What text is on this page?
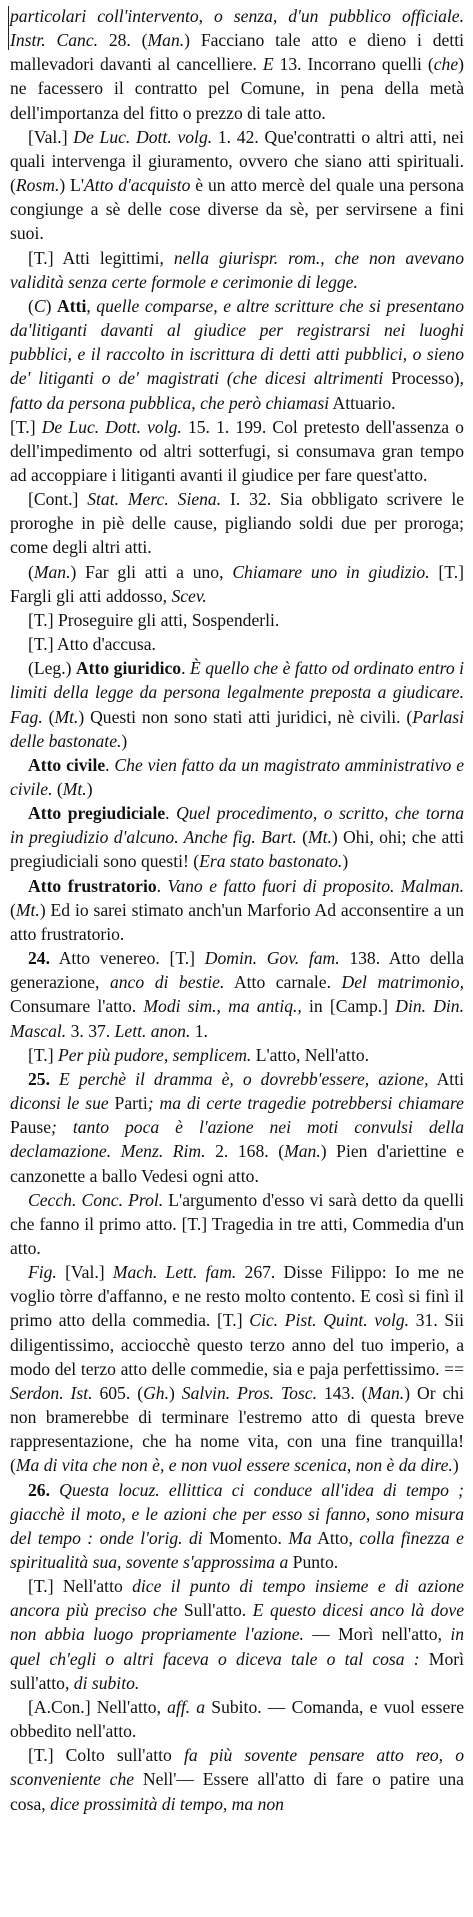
particolari coll'intervento, o senza, d'un pubblico officiale. Instr. Canc. 28. (Man.) Facciano tale atto e dieno i detti mallevadori davanti al cancelliere. E 13. Incorrano quelli (che) ne facessero il contratto pel Comune, in pena della metà dell'importanza del fitto o prezzo di tale atto.

[Val.] De Luc. Dott. volg. 1. 42. Que'contratti o altri atti, nei quali intervenga il giuramento, ovvero che siano atti spirituali. (Rosm.) L'Atto d'acquisto è un atto mercè del quale una persona congiunge a sè delle cose diverse da sè, per servirsene a fini suoi.

[T.] Atti legittimi, nella giurispr. rom., che non avevano validità senza certe formole e cerimonie di legge.

(C) Atti, quelle comparse, e altre scritture che si presentano da'litiganti davanti al giudice per registrarsi nei luoghi pubblici, e il raccolto in iscrittura di detti atti pubblici, o sieno de' litiganti o de' magistrati (che dicesi altrimenti Processo), fatto da persona pubblica, che però chiamasi Attuario.

[T.] De Luc. Dott. volg. 15. 1. 199. Col pretesto dell'assenza o dell'impedimento od altri sotterfugi, si consumava gran tempo ad accoppiare i litiganti avanti il giudice per fare quest'atto.

[Cont.] Stat. Merc. Siena. I. 32. Sia obbligato scrivere le proroghe in piè delle cause, pigliando soldi due per proroga; come degli altri atti.

(Man.) Far gli atti a uno, Chiamare uno in giudizio. [T.] Fargli gli atti addosso, Scev.

[T.] Proseguire gli atti, Sospenderli.

[T.] Atto d'accusa.

(Leg.) Atto giuridico. È quello che è fatto od ordinato entro i limiti della legge da persona legalmente preposta a giudicare. Fag. (Mt.) Questi non sono stati atti juridici, nè civili. (Parlasi delle bastonate.)

Atto civile. Che vien fatto da un magistrato amministrativo e civile. (Mt.)

Atto pregiudiciale. Quel procedimento, o scritto, che torna in pregiudizio d'alcuno. Anche fig. Bart. (Mt.) Ohi, ohi; che atti pregiudiciali sono questi! (Era stato bastonato.)

Atto frustratorio. Vano e fatto fuori di proposito. Malman. (Mt.) Ed io sarei stimato anch'un Marforio Ad acconsentire a un atto frustratorio.

24. Atto venereo. [T.] Domin. Gov. fam. 138. Atto della generazione, anco di bestie. Atto carnale. Del matrimonio, Consumare l'atto. Modi sim., ma antiq., in [Camp.] Din. Din. Mascal. 3. 37. Lett. anon. 1.

[T.] Per più pudore, semplicem. L'atto, Nell'atto.

25. E perchè il dramma è, o dovrebb'essere, azione, Atti diconsi le sue Parti; ma di certe tragedie potrebbersi chiamare Pause; tanto poca è l'azione nei moti convulsi della declamazione. Menz. Rim. 2. 168. (Man.) Pien d'ariettine e canzonette a ballo Vedesi ogni atto.

Cecch. Conc. Prol. L'argumento d'esso vi sarà detto da quelli che fanno il primo atto. [T.] Tragedia in tre atti, Commedia d'un atto.

Fig. [Val.] Mach. Lett. fam. 267. Disse Filippo: Io me ne voglio tòrre d'affanno, e ne resto molto contento. E così si finì il primo atto della commedia. [T.] Cic. Pist. Quint. volg. 31. Sii diligentissimo, acciocchè questo terzo anno del tuo imperio, a modo del terzo atto delle commedie, sia e paja perfettissimo. == Serdon. Ist. 605. (Gh.) Salvin. Pros. Tosc. 143. (Man.) Or chi non bramerebbe di terminare l'estremo atto di questa breve rappresentazione, che ha nome vita, con una fine tranquilla! (Ma di vita che non è, e non vuol essere scenica, non è da dire.)

26. Questa locuz. ellittica ci conduce all'idea di tempo ; giacchè il moto, e le azioni che per esso si fanno, sono misura del tempo : onde l'orig. di Momento. Ma Atto, colla finezza e spiritualità sua, sovente s'approssima a Punto.

[T.] Nell'atto dice il punto di tempo insieme e di azione ancora più preciso che Sull'atto. E questo dicesi anco là dove non abbia luogo propriamente l'azione. — Morì nell'atto, in quel ch'egli o altri faceva o diceva tale o tal cosa : Morì sull'atto, di subito.

[A.Con.] Nell'atto, aff. a Subito. — Comanda, e vuol essere obbedito nell'atto.

[T.] Colto sull'atto fa più sovente pensare atto reo, o sconveniente che Nell'— Essere all'atto di fare o patire una cosa, dice prossimità di tempo, ma non
